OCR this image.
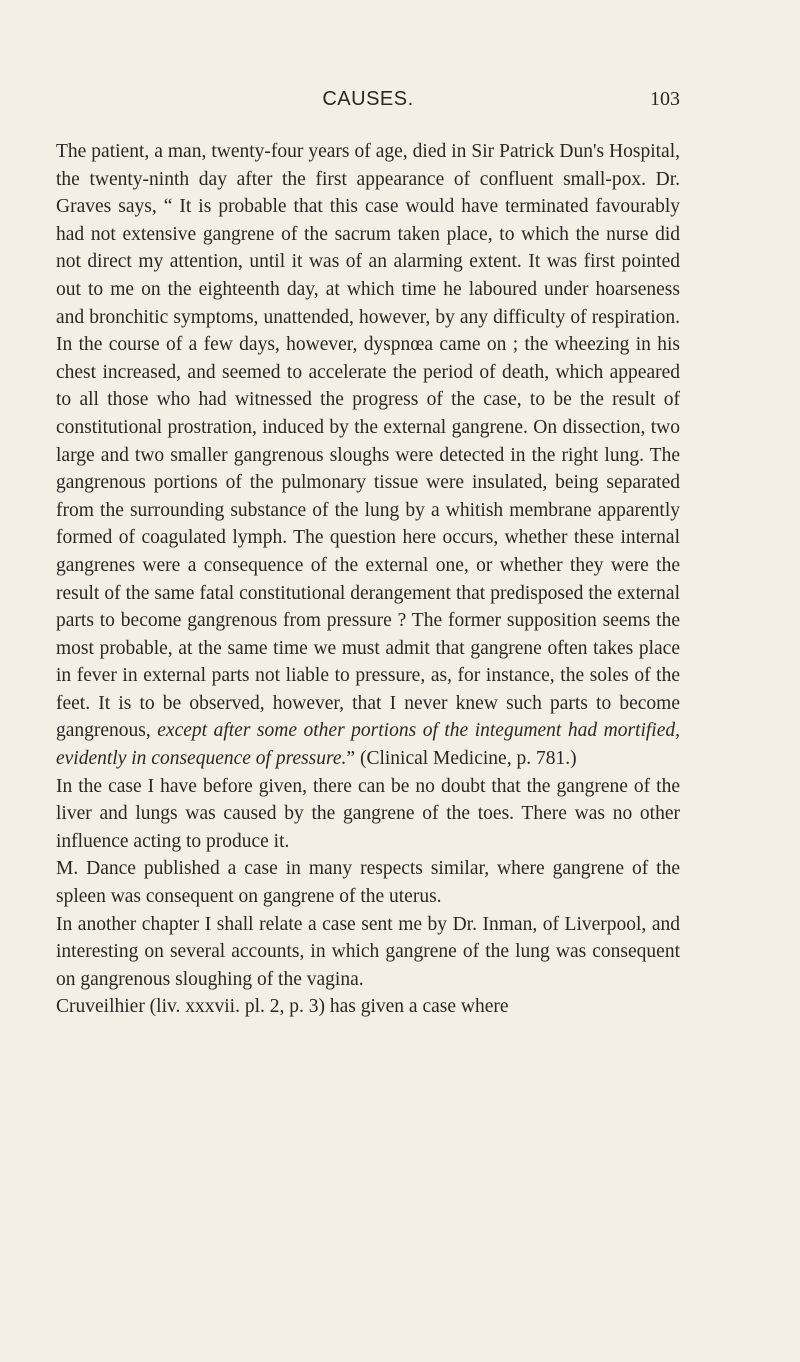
CAUSES.	103

The patient, a man, twenty-four years of age, died in Sir Patrick Dun's Hospital, the twenty-ninth day after the first appearance of confluent small-pox. Dr. Graves says, “ It is probable that this case would have terminated favourably had not extensive gangrene of the sacrum taken place, to which the nurse did not direct my attention, until it was of an alarming extent. It was first pointed out to me on the eighteenth day, at which time he laboured under hoarseness and bronchitic symptoms, unattended, however, by any difficulty of respiration. In the course of a few days, however, dyspnœa came on ; the wheezing in his chest increased, and seemed to accelerate the period of death, which appeared to all those who had witnessed the progress of the case, to be the result of constitutional prostration, induced by the external gangrene. On dissection, two large and two smaller gangrenous sloughs were detected in the right lung. The gangrenous portions of the pulmonary tissue were insulated, being separated from the surrounding substance of the lung by a whitish membrane apparently formed of coagulated lymph. The question here occurs, whether these internal gangrenes were a consequence of the external one, or whether they were the result of the same fatal constitutional derangement that predisposed the external parts to become gangrenous from pressure ? The former supposition seems the most probable, at the same time we must admit that gangrene often takes place in fever in external parts not liable to pressure, as, for instance, the soles of the feet. It is to be observed, however, that I never knew such parts to become gangrenous, except after some other portions of the integument had mortified, evidently in consequence of pressure.” (Clinical Medicine, p. 781.)

In the case I have before given, there can be no doubt that the gangrene of the liver and lungs was caused by the gangrene of the toes. There was no other influence acting to produce it.

M. Dance published a case in many respects similar, where gangrene of the spleen was consequent on gangrene of the uterus.

In another chapter I shall relate a case sent me by Dr. Inman, of Liverpool, and interesting on several accounts, in which gangrene of the lung was consequent on gangrenous sloughing of the vagina.

Cruveilhier (liv. xxxvii. pl. 2, p. 3) has given a case where
